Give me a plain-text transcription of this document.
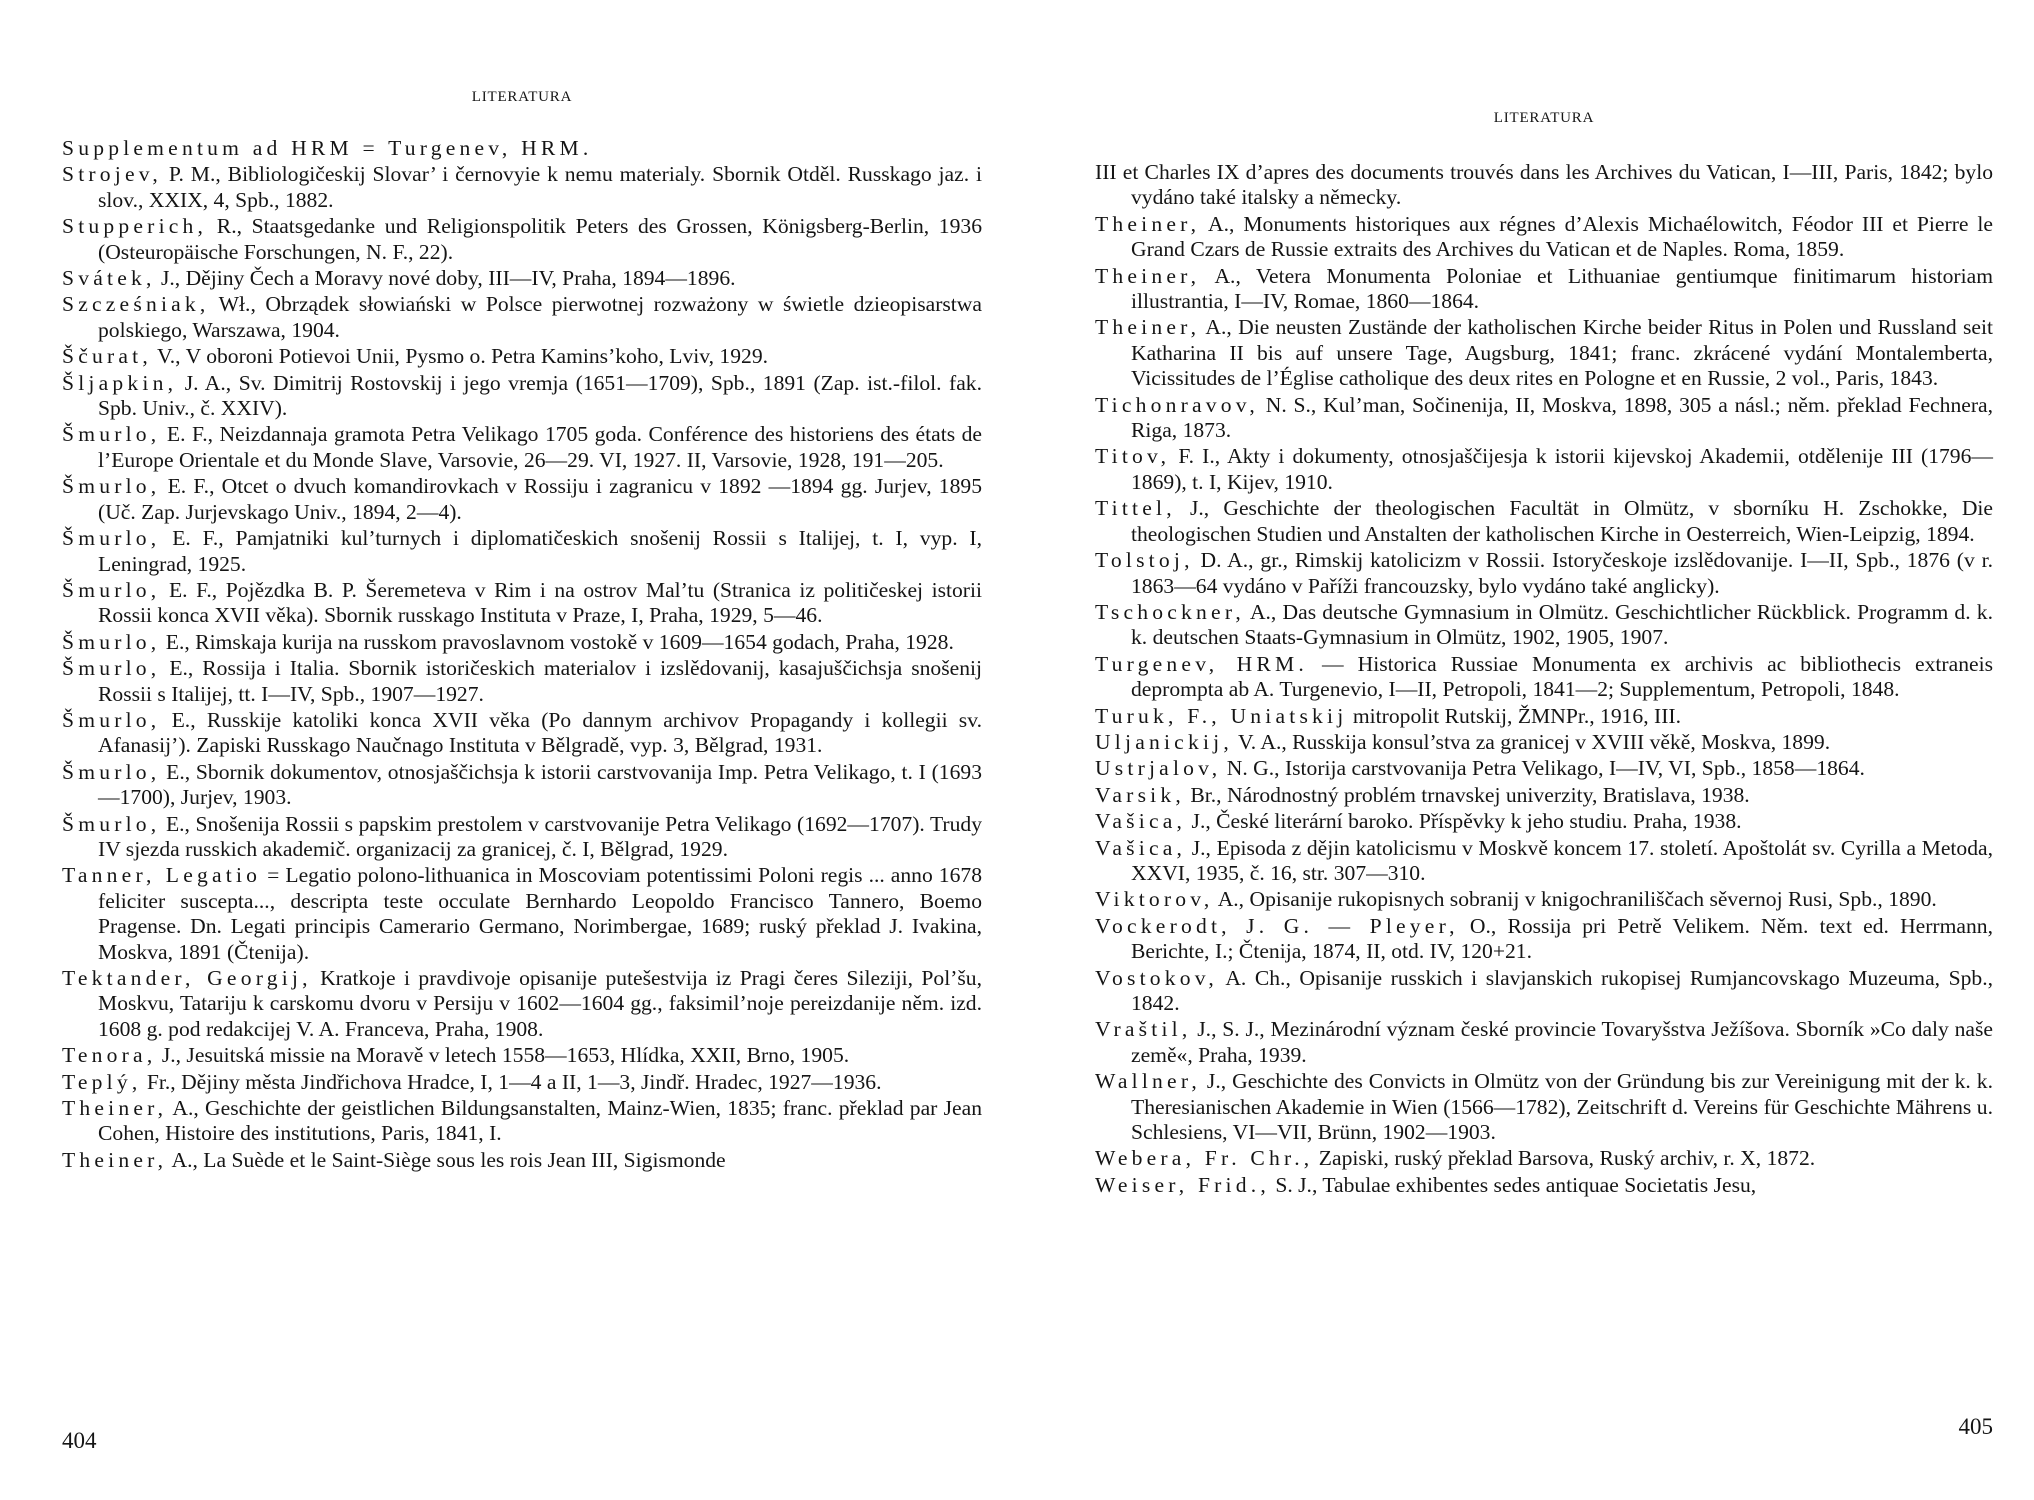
LITERATURA
Supplementum ad HRM = Turgenev, HRM.
Strojev, P. M., Bibliologičeskij Slovar’ i černovyie k nemu materialy. Sbornik Otděl. Russkago jaz. i slov., XXIX, 4, Spb., 1882.
Stupperich, R., Staatsgedanke und Religionspolitik Peters des Grossen, Königsberg-Berlin, 1936 (Osteuropäische Forschungen, N. F., 22).
Svátek, J., Dějiny Čech a Moravy nové doby, III—IV, Praha, 1894—1896.
Szcześniak, Wł., Obrządek słowiański w Polsce pierwotnej rozważony w świetle dzieopisarstwa polskiego, Warszawa, 1904.
Ščurat, V., V oboroni Potievoi Unii, Pysmo o. Petra Kamins’koho, Lviv, 1929.
Šljapkin, J. A., Sv. Dimitrij Rostovskij i jego vremja (1651—1709), Spb., 1891 (Zap. ist.-filol. fak. Spb. Univ., č. XXIV).
Šmurlo, E. F., Neizdannaja gramota Petra Velikago 1705 goda. Conférence des historiens des états de l’Europe Orientale et du Monde Slave, Varsovie, 26—29. VI, 1927. II, Varsovie, 1928, 191—205.
Šmurlo, E. F., Otcet o dvuch komandirovkach v Rossiju i zagranicu v 1892 —1894 gg. Jurjev, 1895 (Uč. Zap. Jurjevskago Univ., 1894, 2—4).
Šmurlo, E. F., Pamjatniki kul’turnych i diplomatičeskich snošenij Rossii s Italijej, t. I, vyp. I, Leningrad, 1925.
Šmurlo, E. F., Pojězdka B. P. Šeremeteva v Rim i na ostrov Mal’tu (Stranica iz političeskej istorii Rossii konca XVII věka). Sbornik russkago Instituta v Praze, I, Praha, 1929, 5—46.
Šmurlo, E., Rimskaja kurija na russkom pravoslavnom vostokě v 1609—1654 godach, Praha, 1928.
Šmurlo, E., Rossija i Italia. Sbornik istoričeskich materialov i izslědovanij, kasajuščichsja snošenij Rossii s Italijej, tt. I—IV, Spb., 1907—1927.
Šmurlo, E., Russkije katoliki konca XVII věka (Po dannym archivov Propagandy i kollegii sv. Afanasij’). Zapiski Russkago Naučnago Instituta v Bělgradě, vyp. 3, Bělgrad, 1931.
Šmurlo, E., Sbornik dokumentov, otnosjaščichsja k istorii carstvovanija Imp. Petra Velikago, t. I (1693—1700), Jurjev, 1903.
Šmurlo, E., Snošenija Rossii s papskim prestolem v carstvovanije Petra Velikago (1692—1707). Trudy IV sjezda russkich akademič. organizacij za granicej, č. I, Bělgrad, 1929.
Tanner, Legatio = Legatio polono-lithuanica in Moscoviam potentissimi Poloni regis ... anno 1678 feliciter suscepta..., descripta teste occulate Bernhardo Leopoldo Francisco Tannero, Boemo Pragense. Dn. Legati principis Camerario Germano, Norimbergae, 1689; ruský překlad J. Ivakina, Moskva, 1891 (Čtenija).
Tektander, Georgij, Kratkoje i pravdivoje opisanije putešestvija iz Pragi čeres Sileziji, Pol’šu, Moskvu, Tatariju k carskomu dvoru v Persiju v 1602—1604 gg., faksimil’noje pereizdanije něm. izd. 1608 g. pod redakcijej V. A. Franceva, Praha, 1908.
Tenora, J., Jesuitská missie na Moravě v letech 1558—1653, Hlídka, XXII, Brno, 1905.
Teplý, Fr., Dějiny města Jindřichova Hradce, I, 1—4 a II, 1—3, Jindř. Hradec, 1927—1936.
Theiner, A., Geschichte der geistlichen Bildungsanstalten, Mainz-Wien, 1835; franc. překlad par Jean Cohen, Histoire des institutions, Paris, 1841, I.
Theiner, A., La Suède et le Saint-Siège sous les rois Jean III, Sigismonde
404
LITERATURA
III et Charles IX d’apres des documents trouvés dans les Archives du Vatican, I—III, Paris, 1842; bylo vydáno také italsky a německy.
Theiner, A., Monuments historiques aux régnes d’Alexis Michaélowitch, Féodor III et Pierre le Grand Czars de Russie extraits des Archives du Vatican et de Naples. Roma, 1859.
Theiner, A., Vetera Monumenta Poloniae et Lithuaniae gentiumque finitimarum historiam illustrantia, I—IV, Romae, 1860—1864.
Theiner, A., Die neusten Zustände der katholischen Kirche beider Ritus in Polen und Russland seit Katharina II bis auf unsere Tage, Augsburg, 1841; franc. zkrácené vydání Montalemberta, Vicissitudes de l’Église catholique des deux rites en Pologne et en Russie, 2 vol., Paris, 1843.
Tichonravov, N. S., Kul’man, Sočinenija, II, Moskva, 1898, 305 a násl.; něm. překlad Fechnera, Riga, 1873.
Titov, F. I., Akty i dokumenty, otnosjaščijesja k istorii kijevskoj Akademii, otdělenije III (1796—1869), t. I, Kijev, 1910.
Tittel, J., Geschichte der theologischen Facultät in Olmütz, v sborníku H. Zschokke, Die theologischen Studien und Anstalten der katholischen Kirche in Oesterreich, Wien-Leipzig, 1894.
Tolstoj, D. A., gr., Rimskij katolicizm v Rossii. Istoryčeskoje izslědovanije. I—II, Spb., 1876 (v r. 1863—64 vydáno v Paříži francouzsky, bylo vydáno také anglicky).
Tschockner, A., Das deutsche Gymnasium in Olmütz. Geschichtlicher Rückblick. Programm d. k. k. deutschen Staats-Gymnasium in Olmütz, 1902, 1905, 1907.
Turgenev, HRM. — Historica Russiae Monumenta ex archivis ac bibliothecis extraneis deprompta ab A. Turgenevio, I—II, Petropoli, 1841—2; Supplementum, Petropoli, 1848.
Turuk, F., Uniatskij mitropolit Rutskij, ŽMNPr., 1916, III.
Uljanickij, V. A., Russkija konsul’stva za granicej v XVIII věkě, Moskva, 1899.
Ustrjalov, N. G., Istorija carstvovanija Petra Velikago, I—IV, VI, Spb., 1858—1864.
Varsik, Br., Národnostný problém trnavskej univerzity, Bratislava, 1938.
Vašica, J., České literární baroko. Příspěvky k jeho studiu. Praha, 1938.
Vašica, J., Episoda z dějin katolicismu v Moskvě koncem 17. století. Apoštolát sv. Cyrilla a Metoda, XXVI, 1935, č. 16, str. 307—310.
Viktorov, A., Opisanije rukopisnych sobranij v knigochraniliščach sěvernoj Rusi, Spb., 1890.
Vockerodt, J. G. — Pleyer, O., Rossija pri Petrě Velikem. Něm. text ed. Herrmann, Berichte, I.; Čtenija, 1874, II, otd. IV, 120+21.
Vostokov, A. Ch., Opisanije russkich i slavjanskich rukopisej Rumjancovskago Muzeuma, Spb., 1842.
Vraštil, J., S. J., Mezinárodní význam české provincie Tovaryšstva Ježíšova. Sborník »Co daly naše země«, Praha, 1939.
Wallner, J., Geschichte des Convicts in Olmütz von der Gründung bis zur Vereinigung mit der k. k. Theresianischen Akademie in Wien (1566—1782), Zeitschrift d. Vereins für Geschichte Mährens u. Schlesiens, VI—VII, Brünn, 1902—1903.
Webera, Fr. Chr., Zapiski, ruský překlad Barsova, Ruský archiv, r. X, 1872.
Weiser, Frid., S. J., Tabulae exhibentes sedes antiquae Societatis Jesu,
405
